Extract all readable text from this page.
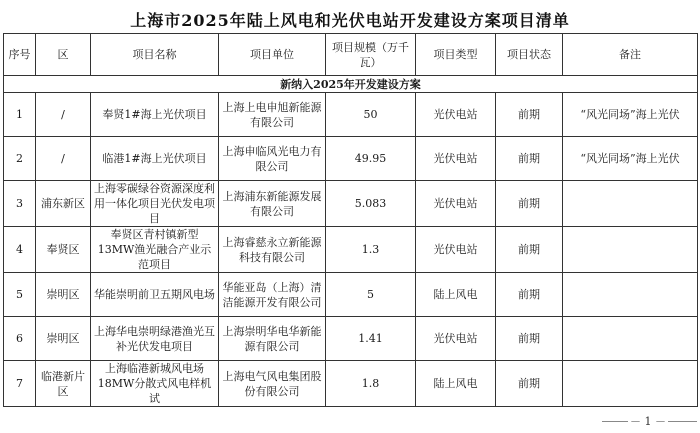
上海市2025年陆上风电和光伏电站开发建设方案项目清单
序号	区	项目名称	项目单位	项目规模（万千瓦）	项目类型	项目状态	备注
新纳入2025年开发建设方案							
1	/	奉贤1#海上光伏项目	上海上电申旭新能源有限公司	50	光伏电站	前期	“风光同场”海上光伏
2	/	临港1#海上光伏项目	上海申临风光电力有限公司	49.95	光伏电站	前期	“风光同场”海上光伏
3	浦东新区	上海零碳绿谷资源深度利用一体化项目光伏发电项目	上海浦东新能源发展有限公司	5.083	光伏电站	前期	
4	奉贤区	奉贤区青村镇新型13MW渔光融合产业示范项目	上海睿慈永立新能源科技有限公司	1.3	光伏电站	前期	
5	崇明区	华能崇明前卫五期风电场	华能亚岛（上海）清洁能源开发有限公司	5	陆上风电	前期	
6	崇明区	上海华电崇明绿港渔光互补光伏发电项目	上海崇明华电华新能源有限公司	1.41	光伏电站	前期	
7	临港新片区	上海临港新城风电场18MW分散式风电样机试	上海电气风电集团股份有限公司	1.8	陆上风电	前期	
－ 1 －
